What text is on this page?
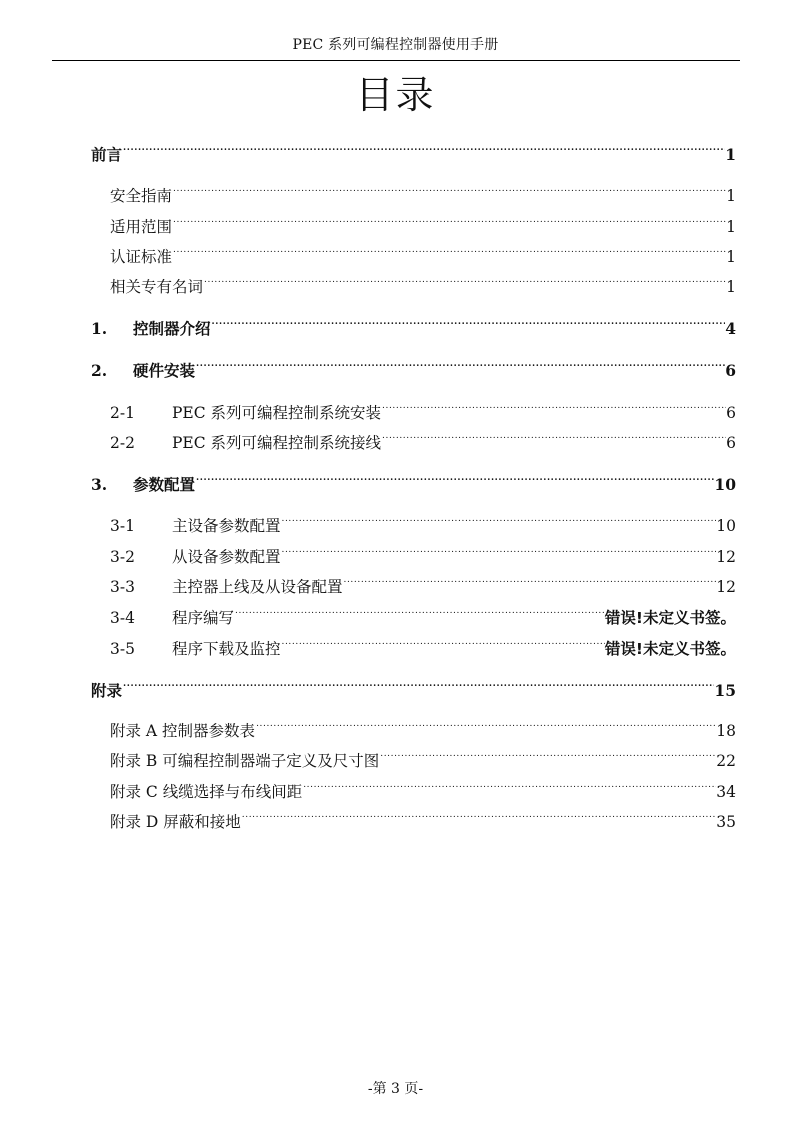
PEC 系列可编程控制器使用手册
目录
前言 .....	1
安全指南 .....	1
适用范围 .....	1
认证标准 .....	1
相关专有名词 .....	1
1.	控制器介绍 .....	4
2.	硬件安装 .....	6
2-1	PEC 系列可编程控制系统安装 .....	6
2-2	PEC 系列可编程控制系统接线 .....	6
3.	参数配置 .....	10
3-1	主设备参数配置 .....	10
3-2	从设备参数配置 .....	12
3-3	主控器上线及从设备配置 .....	12
3-4	程序编写 .....	错误!未定义书签。
3-5	程序下载及监控 .....	错误!未定义书签。
附录 .....	15
附录 A 控制器参数表 .....	18
附录 B 可编程控制器端子定义及尺寸图 .....	22
附录 C 线缆选择与布线间距 .....	34
附录 D 屏蔽和接地 .....	35
-第 3 页-
